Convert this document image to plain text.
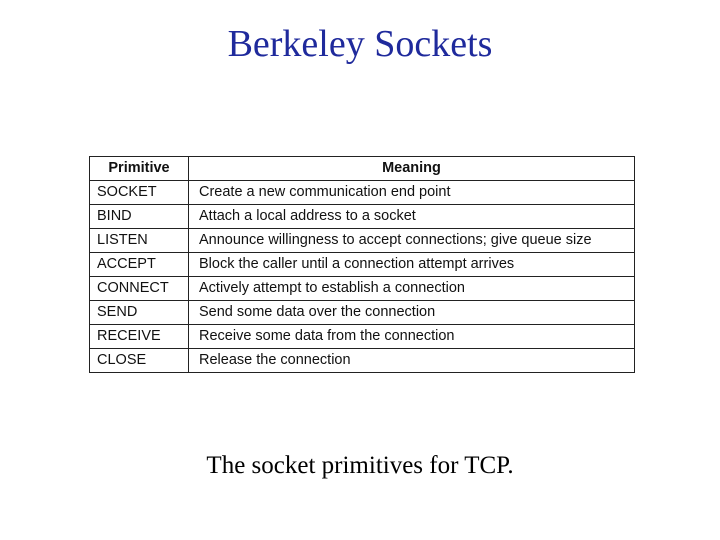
Berkeley Sockets
Primitive	Meaning
SOCKET	Create a new communication end point
BIND	Attach a local address to a socket
LISTEN	Announce willingness to accept connections; give queue size
ACCEPT	Block the caller until a connection attempt arrives
CONNECT	Actively attempt to establish a connection
SEND	Send some data over the connection
RECEIVE	Receive some data from the connection
CLOSE	Release the connection

The socket primitives for TCP.
